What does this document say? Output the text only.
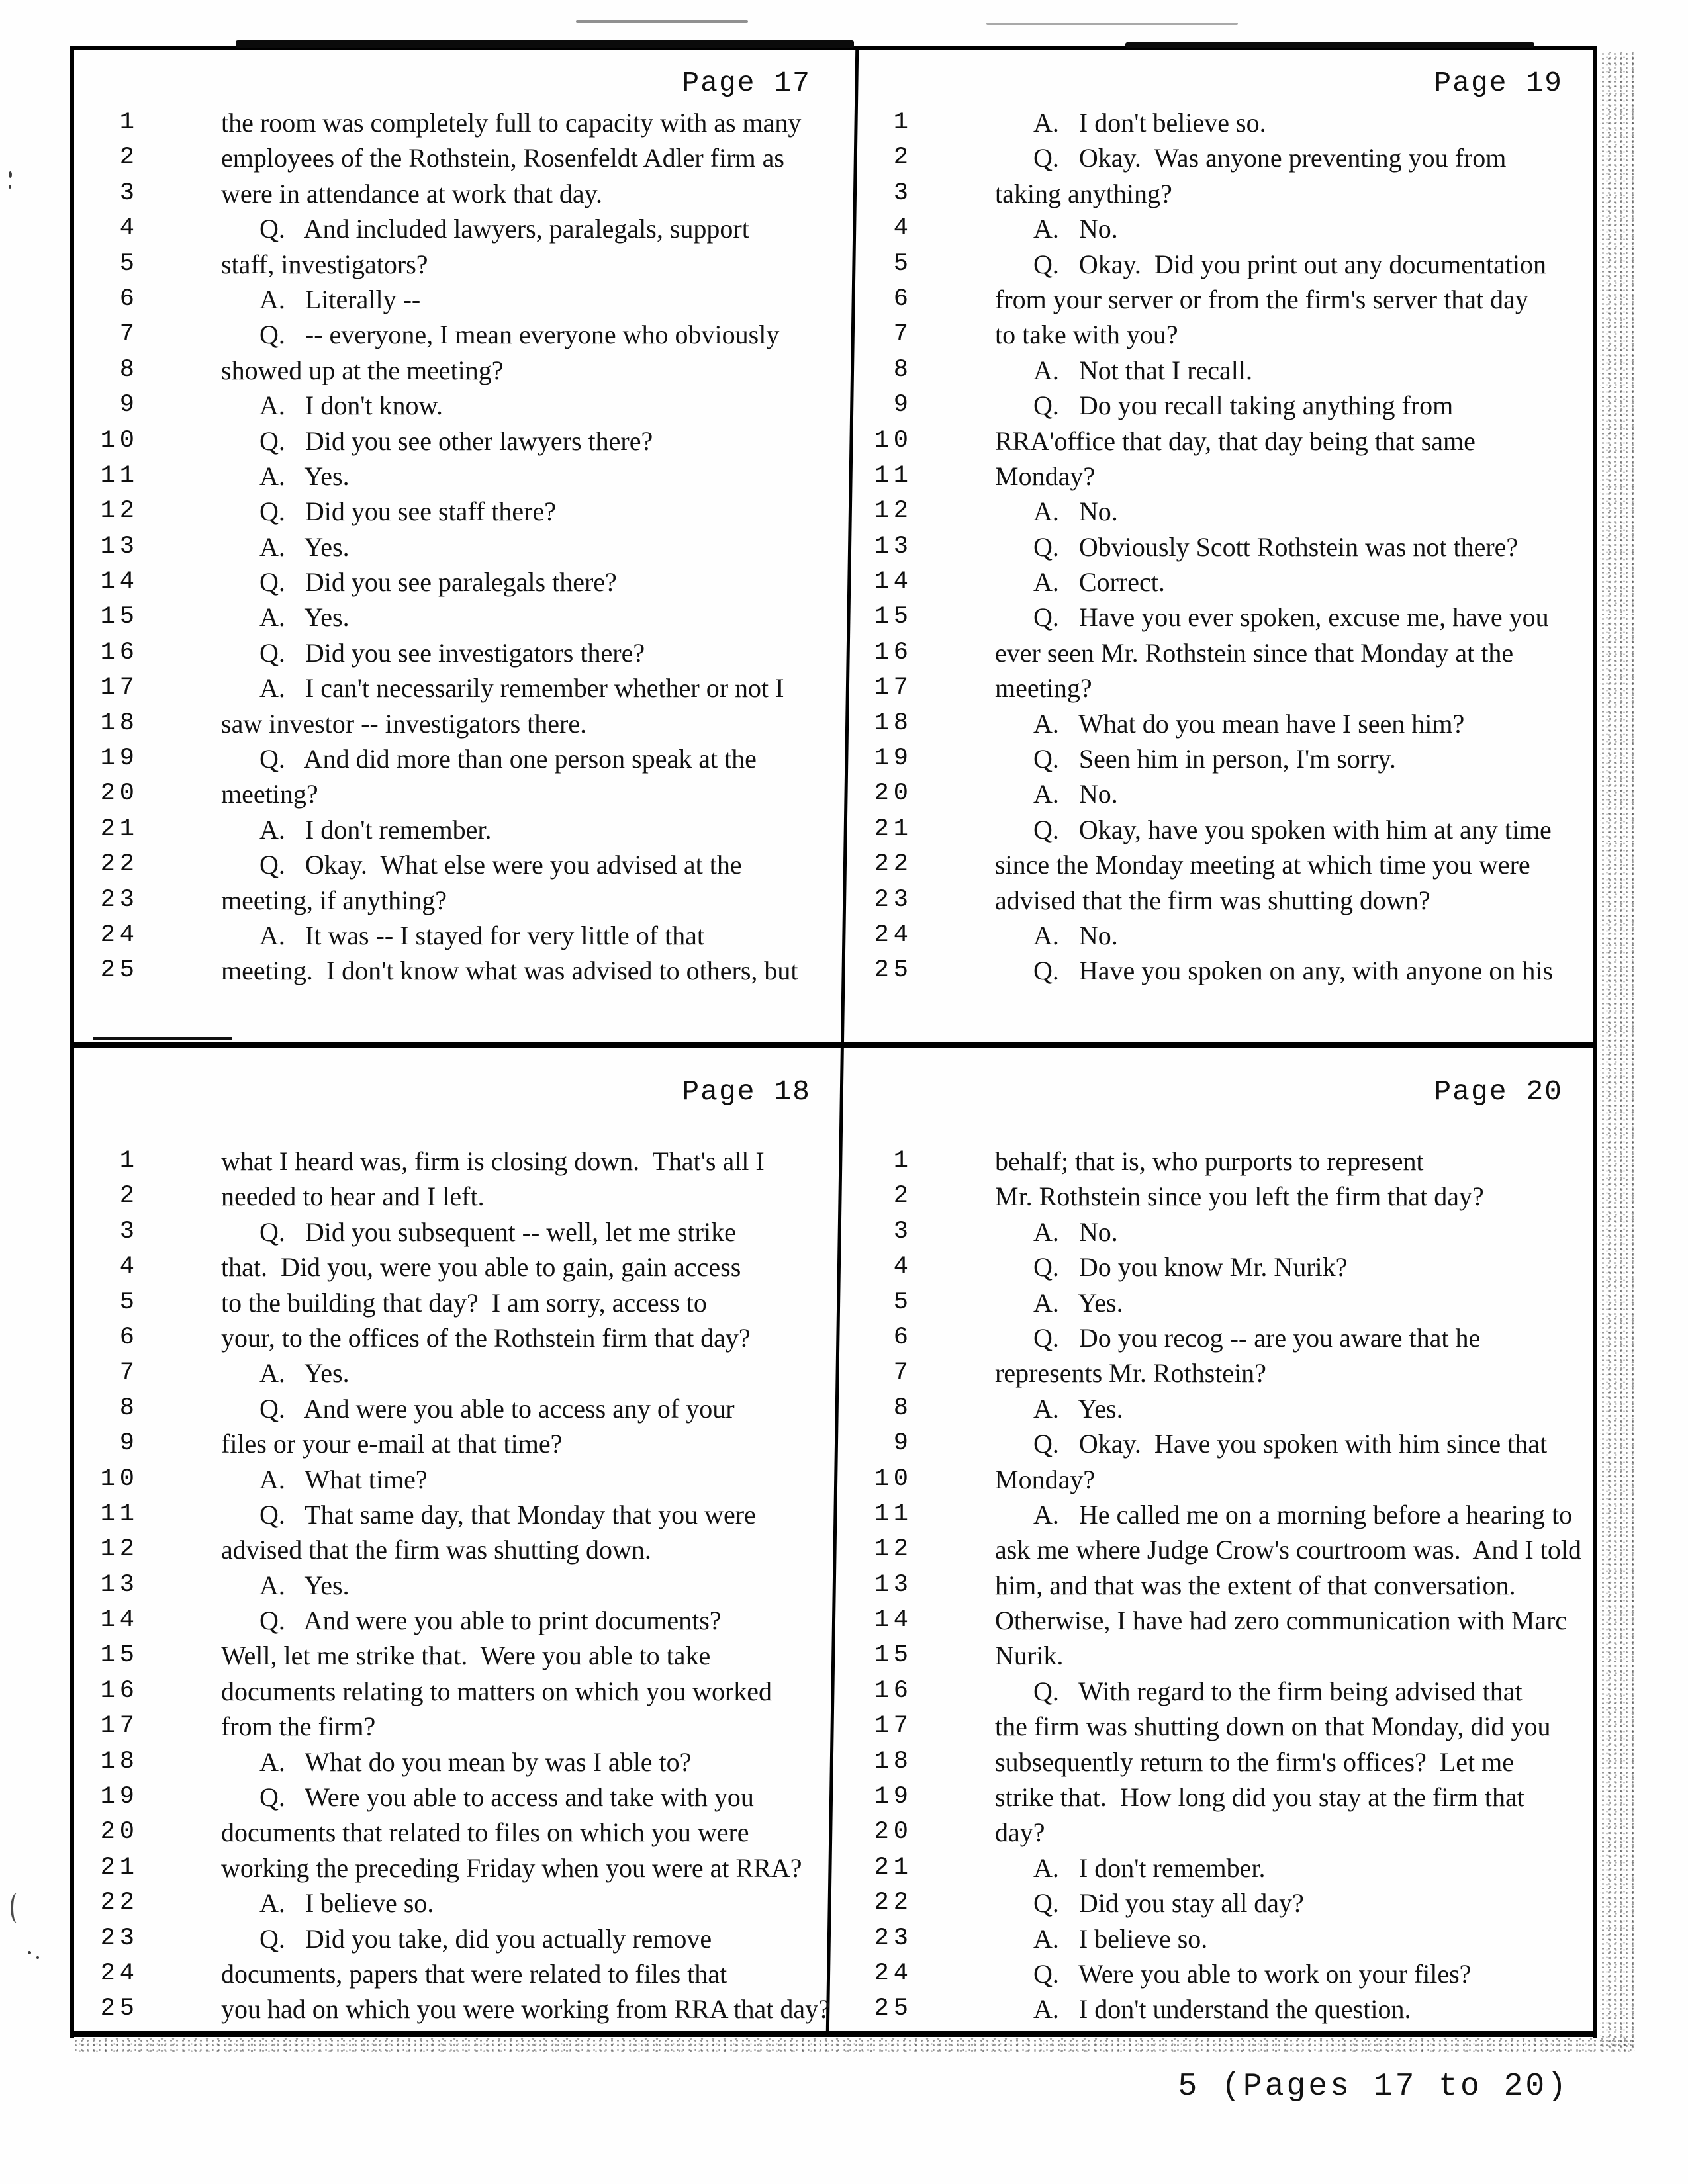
Page 17
1	the room was completely full to capacity with as many
2	employees of the Rothstein, Rosenfeldt Adler firm as
3	were in attendance at work that day.
4	Q.   And included lawyers, paralegals, support
5	staff, investigators?
6	A.   Literally --
7	Q.   -- everyone, I mean everyone who obviously
8	showed up at the meeting?
9	A.   I don't know.
10	Q.   Did you see other lawyers there?
11	A.   Yes.
12	Q.   Did you see staff there?
13	A.   Yes.
14	Q.   Did you see paralegals there?
15	A.   Yes.
16	Q.   Did you see investigators there?
17	A.   I can't necessarily remember whether or not I
18	saw investor -- investigators there.
19	Q.   And did more than one person speak at the
20	meeting?
21	A.   I don't remember.
22	Q.   Okay.  What else were you advised at the
23	meeting, if anything?
24	A.   It was -- I stayed for very little of that
25	meeting.  I don't know what was advised to others, but
Page 19
1	A.   I don't believe so.
2	Q.   Okay.  Was anyone preventing you from
3	taking anything?
4	A.   No.
5	Q.   Okay.  Did you print out any documentation
6	from your server or from the firm's server that day
7	to take with you?
8	A.   Not that I recall.
9	Q.   Do you recall taking anything from
10	RRA'office that day, that day being that same
11	Monday?
12	A.   No.
13	Q.   Obviously Scott Rothstein was not there?
14	A.   Correct.
15	Q.   Have you ever spoken, excuse me, have you
16	ever seen Mr. Rothstein since that Monday at the
17	meeting?
18	A.   What do you mean have I seen him?
19	Q.   Seen him in person, I'm sorry.
20	A.   No.
21	Q.   Okay, have you spoken with him at any time
22	since the Monday meeting at which time you were
23	advised that the firm was shutting down?
24	A.   No.
25	Q.   Have you spoken on any, with anyone on his
Page 18
1	what I heard was, firm is closing down.  That's all I
2	needed to hear and I left.
3	Q.   Did you subsequent -- well, let me strike
4	that.  Did you, were you able to gain, gain access
5	to the building that day?  I am sorry, access to
6	your, to the offices of the Rothstein firm that day?
7	A.   Yes.
8	Q.   And were you able to access any of your
9	files or your e-mail at that time?
10	A.   What time?
11	Q.   That same day, that Monday that you were
12	advised that the firm was shutting down.
13	A.   Yes.
14	Q.   And were you able to print documents?
15	Well, let me strike that.  Were you able to take
16	documents relating to matters on which you worked
17	from the firm?
18	A.   What do you mean by was I able to?
19	Q.   Were you able to access and take with you
20	documents that related to files on which you were
21	working the preceding Friday when you were at RRA?
22	A.   I believe so.
23	Q.   Did you take, did you actually remove
24	documents, papers that were related to files that
25	you had on which you were working from RRA that day?
Page 20
1	behalf; that is, who purports to represent
2	Mr. Rothstein since you left the firm that day?
3	A.   No.
4	Q.   Do you know Mr. Nurik?
5	A.   Yes.
6	Q.   Do you recog -- are you aware that he
7	represents Mr. Rothstein?
8	A.   Yes.
9	Q.   Okay.  Have you spoken with him since that
10	Monday?
11	A.   He called me on a morning before a hearing to
12	ask me where Judge Crow's courtroom was.  And I told
13	him, and that was the extent of that conversation.
14	Otherwise, I have had zero communication with Marc
15	Nurik.
16	Q.   With regard to the firm being advised that
17	the firm was shutting down on that Monday, did you
18	subsequently return to the firm's offices?  Let me
19	strike that.  How long did you stay at the firm that
20	day?
21	A.   I don't remember.
22	Q.   Did you stay all day?
23	A.   I believe so.
24	Q.   Were you able to work on your files?
25	A.   I don't understand the question.
5 (Pages 17 to 20)
